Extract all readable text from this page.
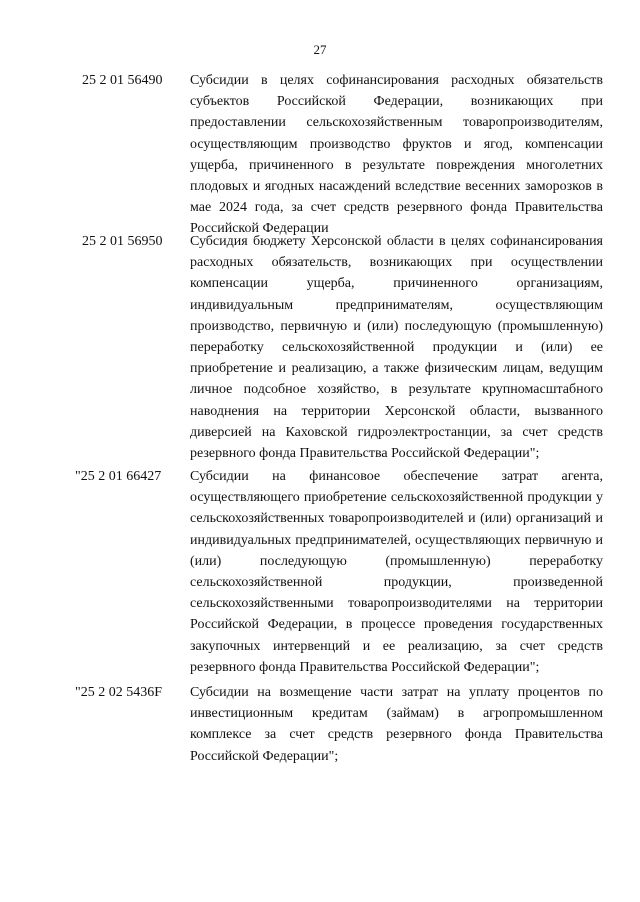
27
25 2 01 56490 Субсидии в целях софинансирования расходных обязательств субъектов Российской Федерации, возникающих при предоставлении сельскохозяйственным товаропроизводителям, осуществляющим производство фруктов и ягод, компенсации ущерба, причиненного в результате повреждения многолетних плодовых и ягодных насаждений вследствие весенних заморозков в мае 2024 года, за счет средств резервного фонда Правительства Российской Федерации
25 2 01 56950 Субсидия бюджету Херсонской области в целях софинансирования расходных обязательств, возникающих при осуществлении компенсации ущерба, причиненного организациям, индивидуальным предпринимателям, осуществляющим производство, первичную и (или) последующую (промышленную) переработку сельскохозяйственной продукции и (или) ее приобретение и реализацию, а также физическим лицам, ведущим личное подсобное хозяйство, в результате крупномасштабного наводнения на территории Херсонской области, вызванного диверсией на Каховской гидроэлектростанции, за счет средств резервного фонда Правительства Российской Федерации";
"25 2 01 66427 Субсидии на финансовое обеспечение затрат агента, осуществляющего приобретение сельскохозяйственной продукции у сельскохозяйственных товаропроизводителей и (или) организаций и индивидуальных предпринимателей, осуществляющих первичную и (или) последующую (промышленную) переработку сельскохозяйственной продукции, произведенной сельскохозяйственными товаропроизводителями на территории Российской Федерации, в процессе проведения государственных закупочных интервенций и ее реализацию, за счет средств резервного фонда Правительства Российской Федерации";
"25 2 02 5436F Субсидии на возмещение части затрат на уплату процентов по инвестиционным кредитам (займам) в агропромышленном комплексе за счет средств резервного фонда Правительства Российской Федерации";
